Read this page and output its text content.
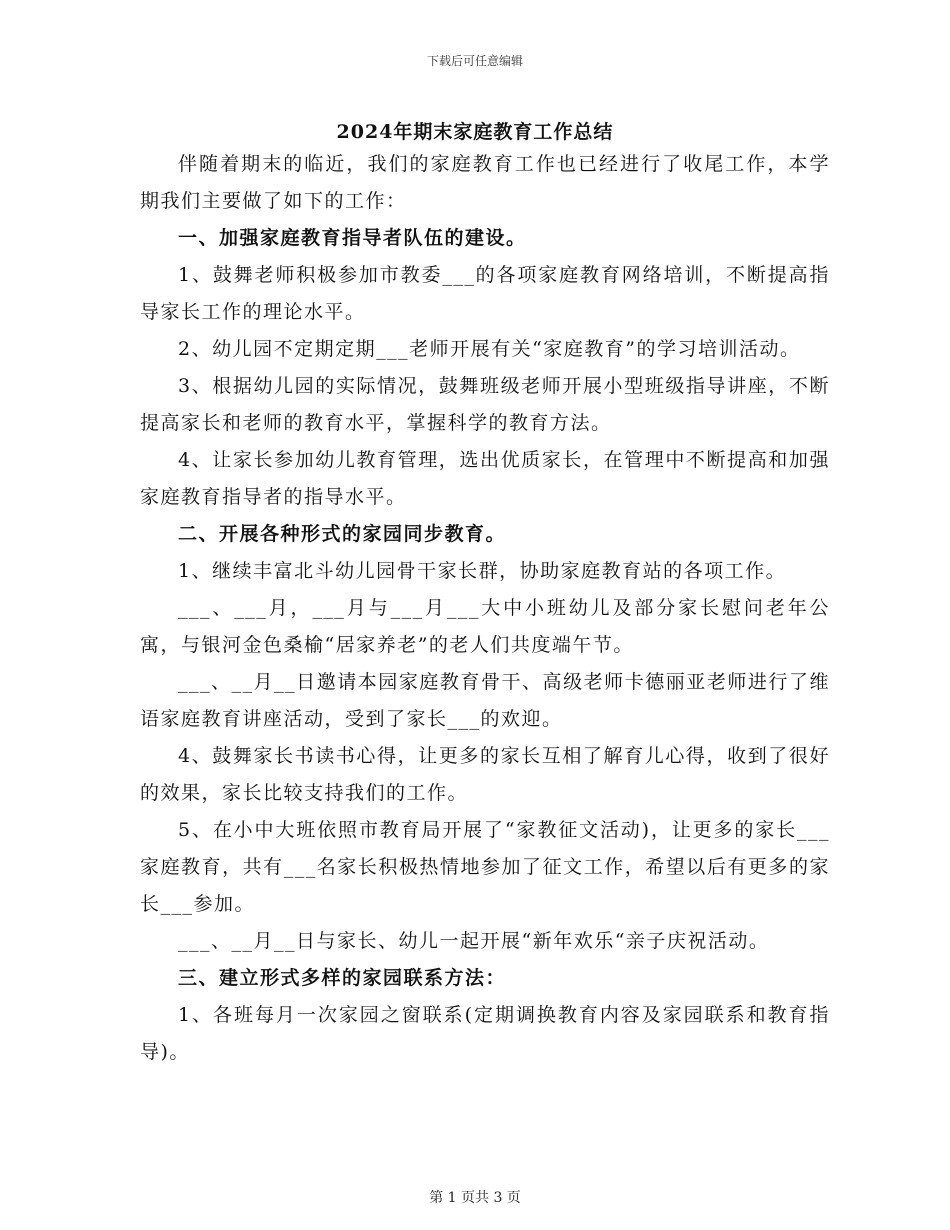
下载后可任意编辑
2024年期末家庭教育工作总结

伴随着期末的临近，我们的家庭教育工作也已经进行了收尾工作，本学期我们主要做了如下的工作：

一、加强家庭教育指导者队伍的建设。

1、鼓舞老师积极参加市教委___的各项家庭教育网络培训，不断提高指导家长工作的理论水平。

2、幼儿园不定期定期___老师开展有关“家庭教育”的学习培训活动。

3、根据幼儿园的实际情况，鼓舞班级老师开展小型班级指导讲座，不断提高家长和老师的教育水平，掌握科学的教育方法。

4、让家长参加幼儿教育管理，选出优质家长，在管理中不断提高和加强家庭教育指导者的指导水平。

二、开展各种形式的家园同步教育。

1、继续丰富北斗幼儿园骨干家长群，协助家庭教育站的各项工作。

___、___月，___月与___月___大中小班幼儿及部分家长慰问老年公寓，与银河金色桑榆“居家养老”的老人们共度端午节。

___、__月__日邀请本园家庭教育骨干、高级老师卡德丽亚老师进行了维语家庭教育讲座活动，受到了家长___的欢迎。

4、鼓舞家长书读书心得，让更多的家长互相了解育儿心得，收到了很好的效果，家长比较支持我们的工作。

5、在小中大班依照市教育局开展了“家教征文活动)，让更多的家长___家庭教育，共有___名家长积极热情地参加了征文工作，希望以后有更多的家长___参加。

___、__月__日与家长、幼儿一起开展“新年欢乐“亲子庆祝活动。

三、建立形式多样的家园联系方法：

1、各班每月一次家园之窗联系(定期调换教育内容及家园联系和教育指导)。

第 1 页共 3 页
